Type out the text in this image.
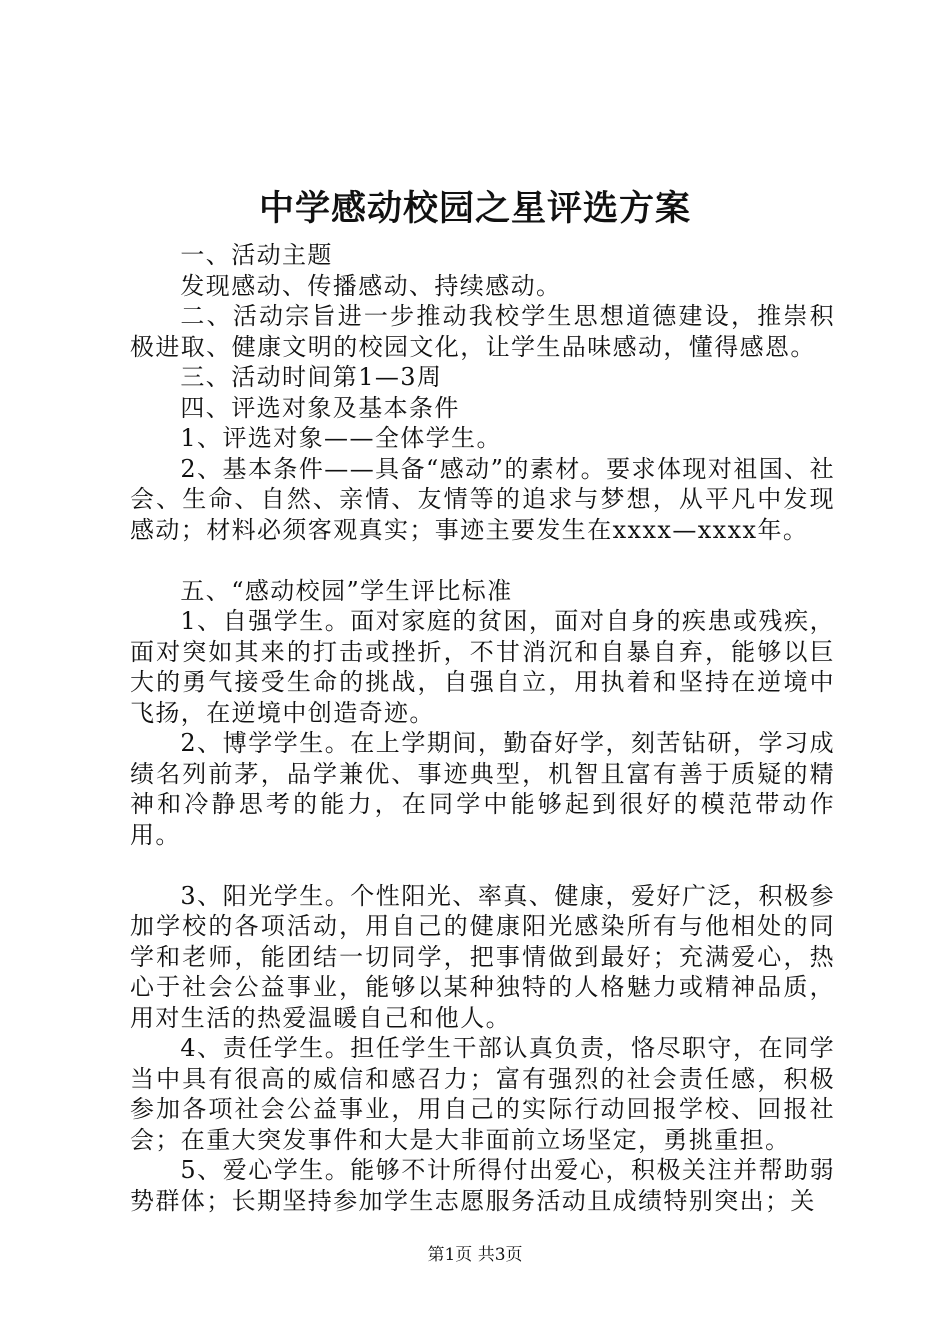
中学感动校园之星评选方案

一、活动主题

发现感动、传播感动、持续感动。

二、活动宗旨进一步推动我校学生思想道德建设，推崇积极进取、健康文明的校园文化，让学生品味感动，懂得感恩。

三、活动时间第1—3周

四、评选对象及基本条件

1、评选对象——全体学生。

2、基本条件——具备“感动”的素材。要求体现对祖国、社会、生命、自然、亲情、友情等的追求与梦想，从平凡中发现感动；材料必须客观真实；事迹主要发生在xxxx—xxxx年。

五、“感动校园”学生评比标准

1、自强学生。面对家庭的贫困，面对自身的疾患或残疾，面对突如其来的打击或挫折，不甘消沉和自暴自弃，能够以巨大的勇气接受生命的挑战，自强自立，用执着和坚持在逆境中飞扬，在逆境中创造奇迹。

2、博学学生。在上学期间，勤奋好学，刻苦钻研，学习成绩名列前茅，品学兼优、事迹典型，机智且富有善于质疑的精神和冷静思考的能力，在同学中能够起到很好的模范带动作用。

3、阳光学生。个性阳光、率真、健康，爱好广泛，积极参加学校的各项活动，用自己的健康阳光感染所有与他相处的同学和老师，能团结一切同学，把事情做到最好；充满爱心，热心于社会公益事业，能够以某种独特的人格魅力或精神品质，用对生活的热爱温暖自己和他人。

4、责任学生。担任学生干部认真负责，恪尽职守，在同学当中具有很高的威信和感召力；富有强烈的社会责任感，积极参加各项社会公益事业，用自己的实际行动回报学校、回报社会；在重大突发事件和大是大非面前立场坚定，勇挑重担。

5、爱心学生。能够不计所得付出爱心，积极关注并帮助弱势群体；长期坚持参加学生志愿服务活动且成绩特别突出；关

第1页 共3页
